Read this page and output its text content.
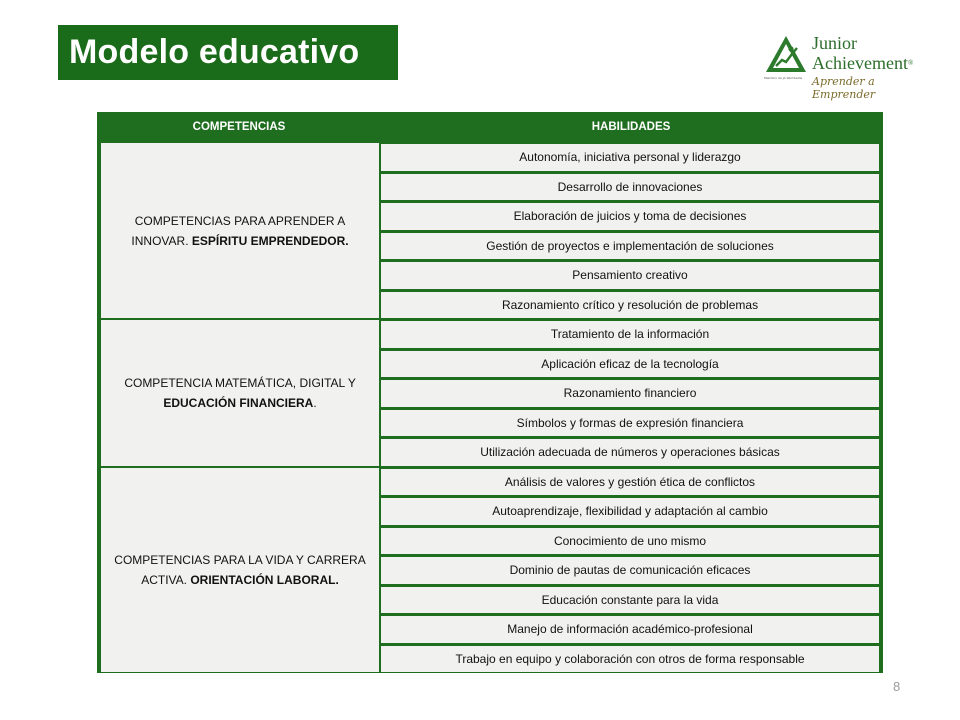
Modelo educativo	Junior
Achievement®
Aprender a Emprender
Miembro de JA Worldwide
COMPETENCIAS	HABILIDADES
COMPETENCIAS PARA APRENDER A INNOVAR. ESPÍRITU EMPRENDEDOR.
Autonomía, iniciativa personal y liderazgo
Desarrollo de innovaciones
Elaboración de juicios y toma de decisiones
Gestión de proyectos e implementación de soluciones
Pensamiento creativo
Razonamiento crítico y resolución de problemas
COMPETENCIA MATEMÁTICA, DIGITAL Y EDUCACIÓN FINANCIERA.
Tratamiento de la información
Aplicación eficaz de la tecnología
Razonamiento financiero
Símbolos y formas de expresión financiera
Utilización adecuada de números y operaciones básicas
COMPETENCIAS PARA LA VIDA Y CARRERA ACTIVA. ORIENTACIÓN LABORAL.
Análisis de valores y gestión ética de conflictos
Autoaprendizaje, flexibilidad y adaptación al cambio
Conocimiento de uno mismo
Dominio de pautas de comunicación eficaces
Educación constante para la vida
Manejo de información académico-profesional
Trabajo en equipo y colaboración con otros de forma responsable
8
